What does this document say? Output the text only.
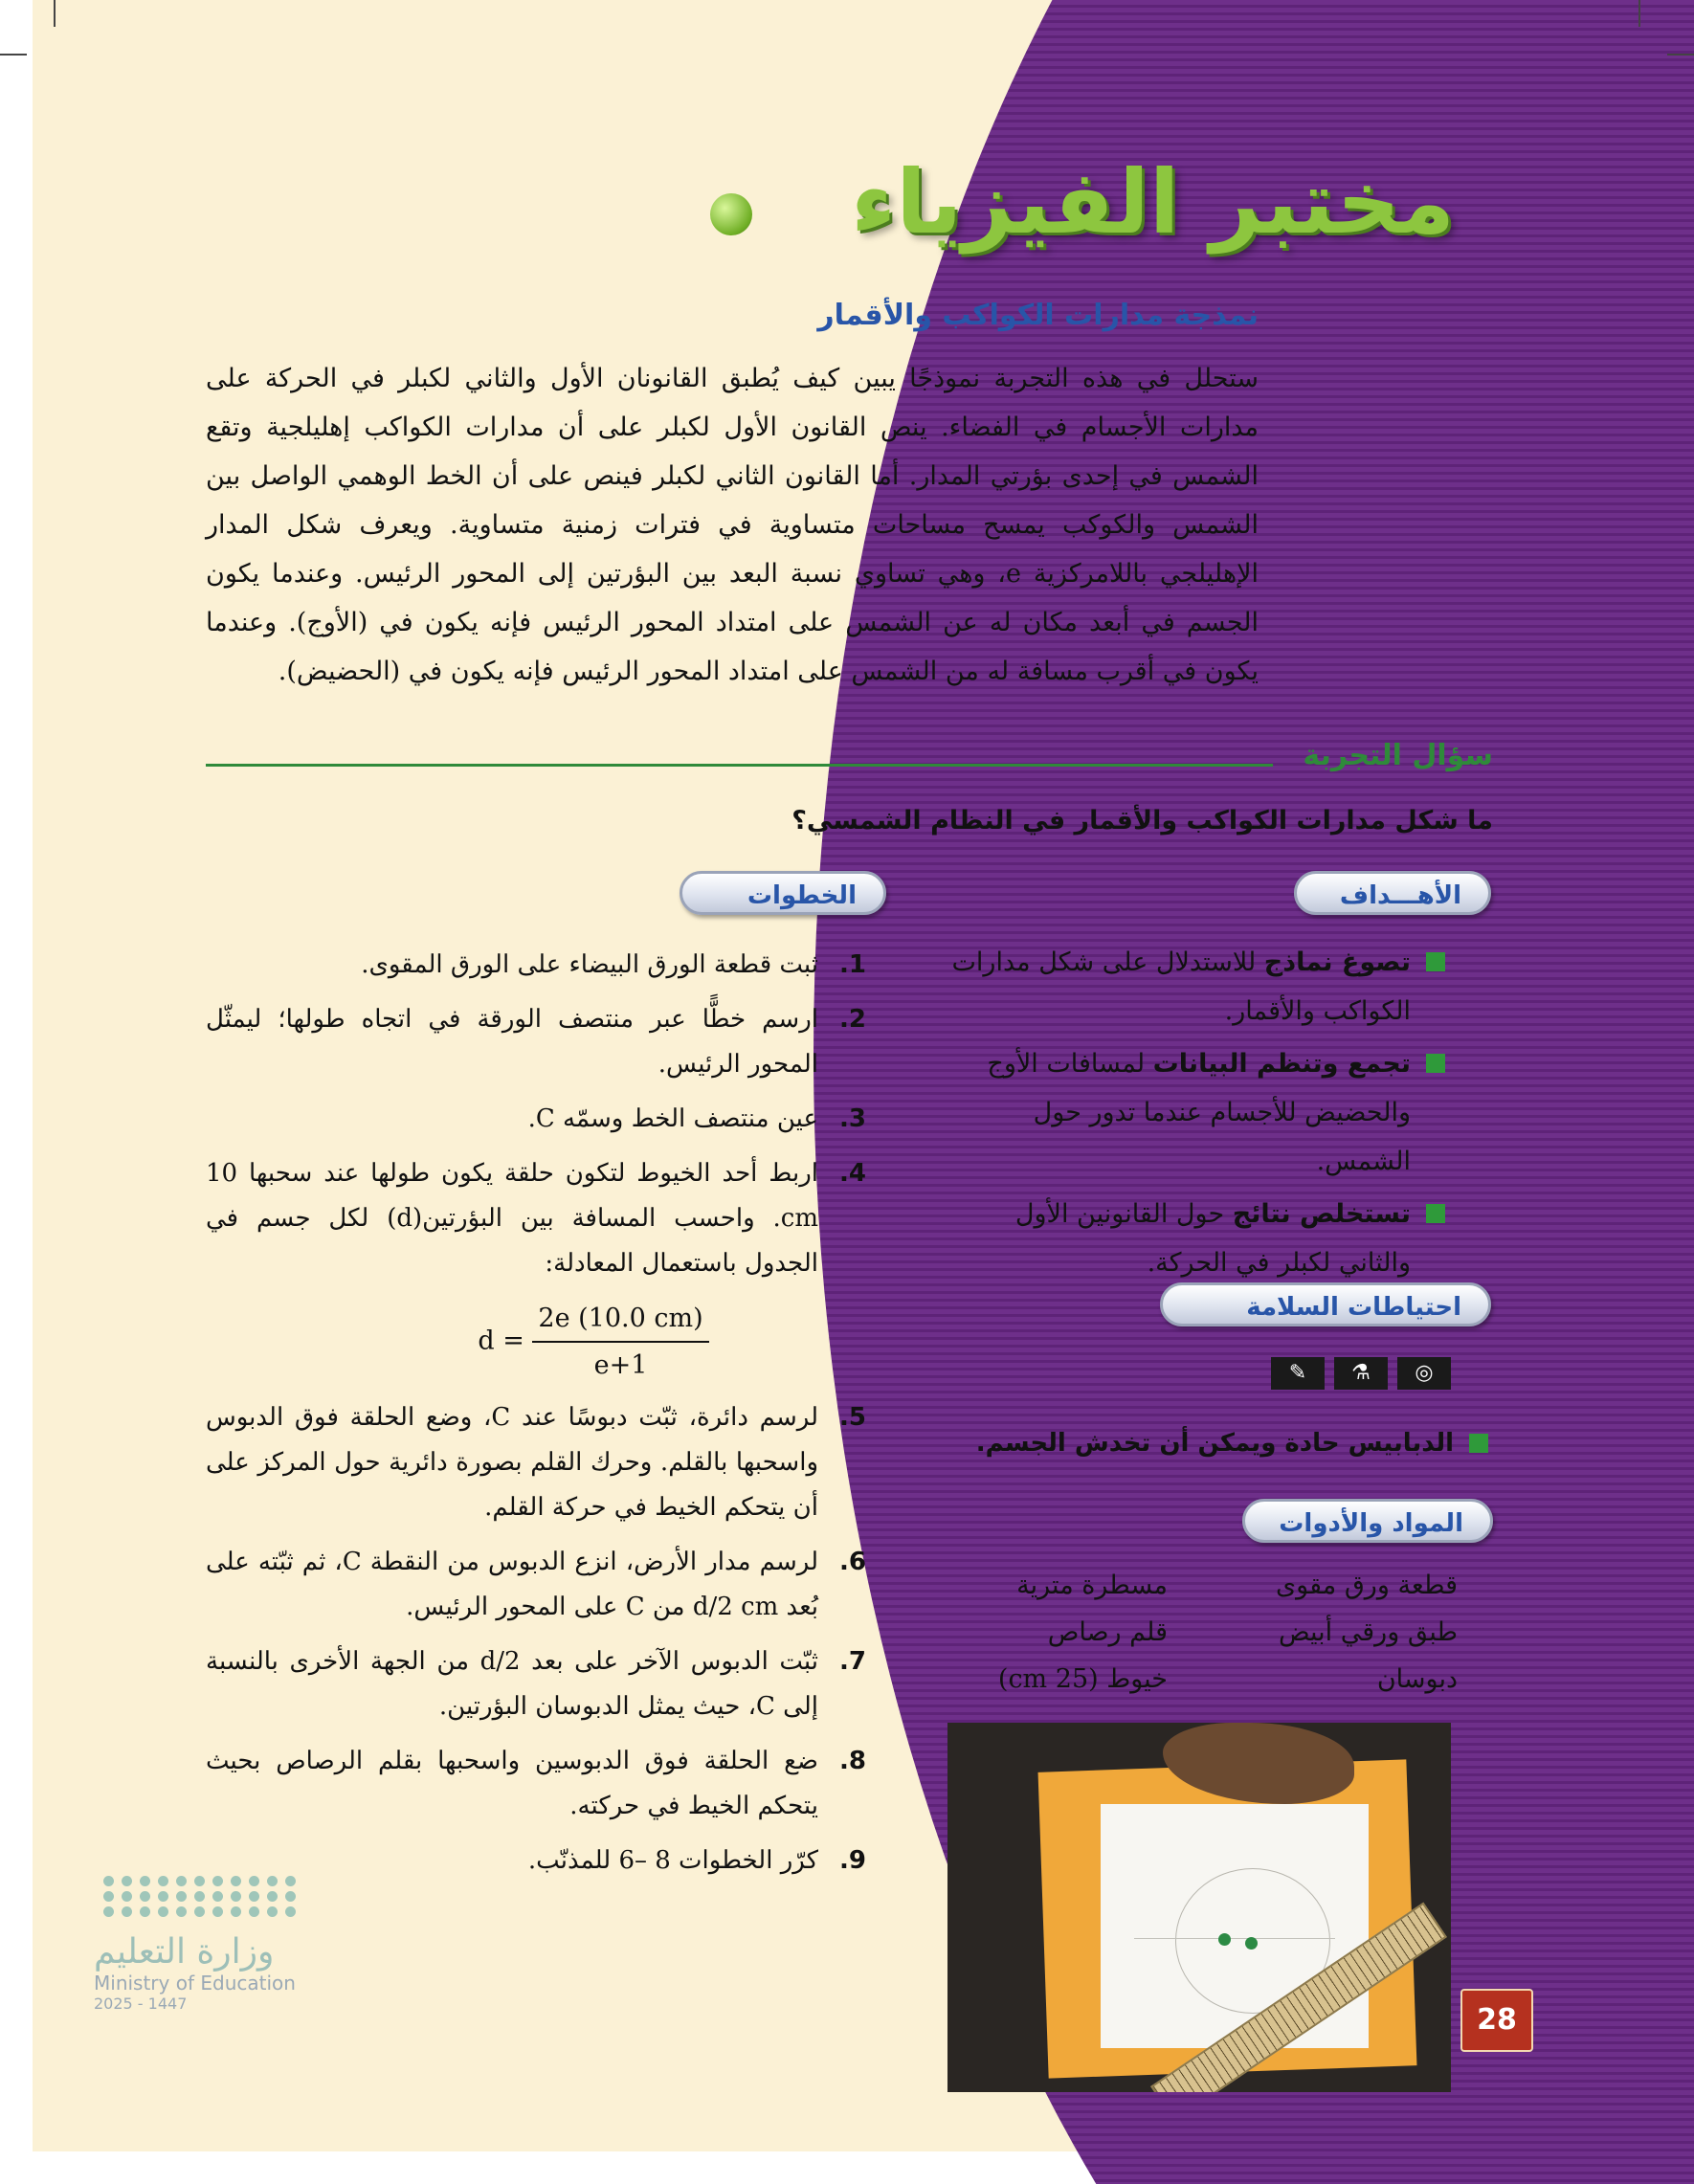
مختبر الفيزياء
نمذجة مدارات الكواكب والأقمار
ستحلل في هذه التجربة نموذجًا يبين كيف يُطبق القانونان الأول والثاني لكبلر في الحركة على مدارات الأجسام في الفضاء. ينص القانون الأول لكبلر على أن مدارات الكواكب إهليلجية وتقع الشمس في إحدى بؤرتي المدار. أما القانون الثاني لكبلر فينص على أن الخط الوهمي الواصل بين الشمس والكوكب يمسح مساحات متساوية في فترات زمنية متساوية. ويعرف شكل المدار الإهليلجي باللامركزية e، وهي تساوي نسبة البعد بين البؤرتين إلى المحور الرئيس. وعندما يكون الجسم في أبعد مكان له عن الشمس على امتداد المحور الرئيس فإنه يكون في (الأوج). وعندما يكون في أقرب مسافة له من الشمس على امتداد المحور الرئيس فإنه يكون في (الحضيض).
سؤال التجربة
ما شكل مدارات الكواكب والأقمار في النظام الشمسي؟
الأهـــداف
تصوغ نماذج للاستدلال على شكل مدارات الكواكب والأقمار.
تجمع وتنظم البيانات لمسافات الأوج والحضيض للأجسام عندما تدور حول الشمس.
تستخلص نتائج حول القانونين الأول والثاني لكبلر في الحركة.
احتياطات السلامة
✎ ⚗ ◎
الدبابيس حادة ويمكن أن تخدش الجسم.
المواد والأدوات
قطعة ورق مقوى
طبق ورقي أبيض
دبوسان
مسطرة مترية
قلم رصاص
خيوط (25 cm)
الخطوات
1.
ثبت قطعة الورق البيضاء على الورق المقوى.
2.
ارسم خطًّا عبر منتصف الورقة في اتجاه طولها؛ ليمثّل المحور الرئيس.
3.
عين منتصف الخط وسمّه C.
4.
اربط أحد الخيوط لتكون حلقة يكون طولها عند سحبها 10 cm. واحسب المسافة بين البؤرتين(d) لكل جسم في الجدول باستعمال المعادلة:
$d = \frac{2e (10.0 cm)}{e+1}$
5.
لرسم دائرة، ثبّت دبوسًا عند C، وضع الحلقة فوق الدبوس واسحبها بالقلم. وحرك القلم بصورة دائرية حول المركز على أن يتحكم الخيط في حركة القلم.
6.
لرسم مدار الأرض، انزع الدبوس من النقطة C، ثم ثبّته على بُعد d/2 cm من C على المحور الرئيس.
7.
ثبّت الدبوس الآخر على بعد d/2 من الجهة الأخرى بالنسبة إلى C، حيث يمثل الدبوسان البؤرتين.
8.
ضع الحلقة فوق الدبوسين واسحبها بقلم الرصاص بحيث يتحكم الخيط في حركته.
9.
كرّر الخطوات 8 –6 للمذنّب.
وزارة التعليم
Ministry of Education
2025 - 1447	28
